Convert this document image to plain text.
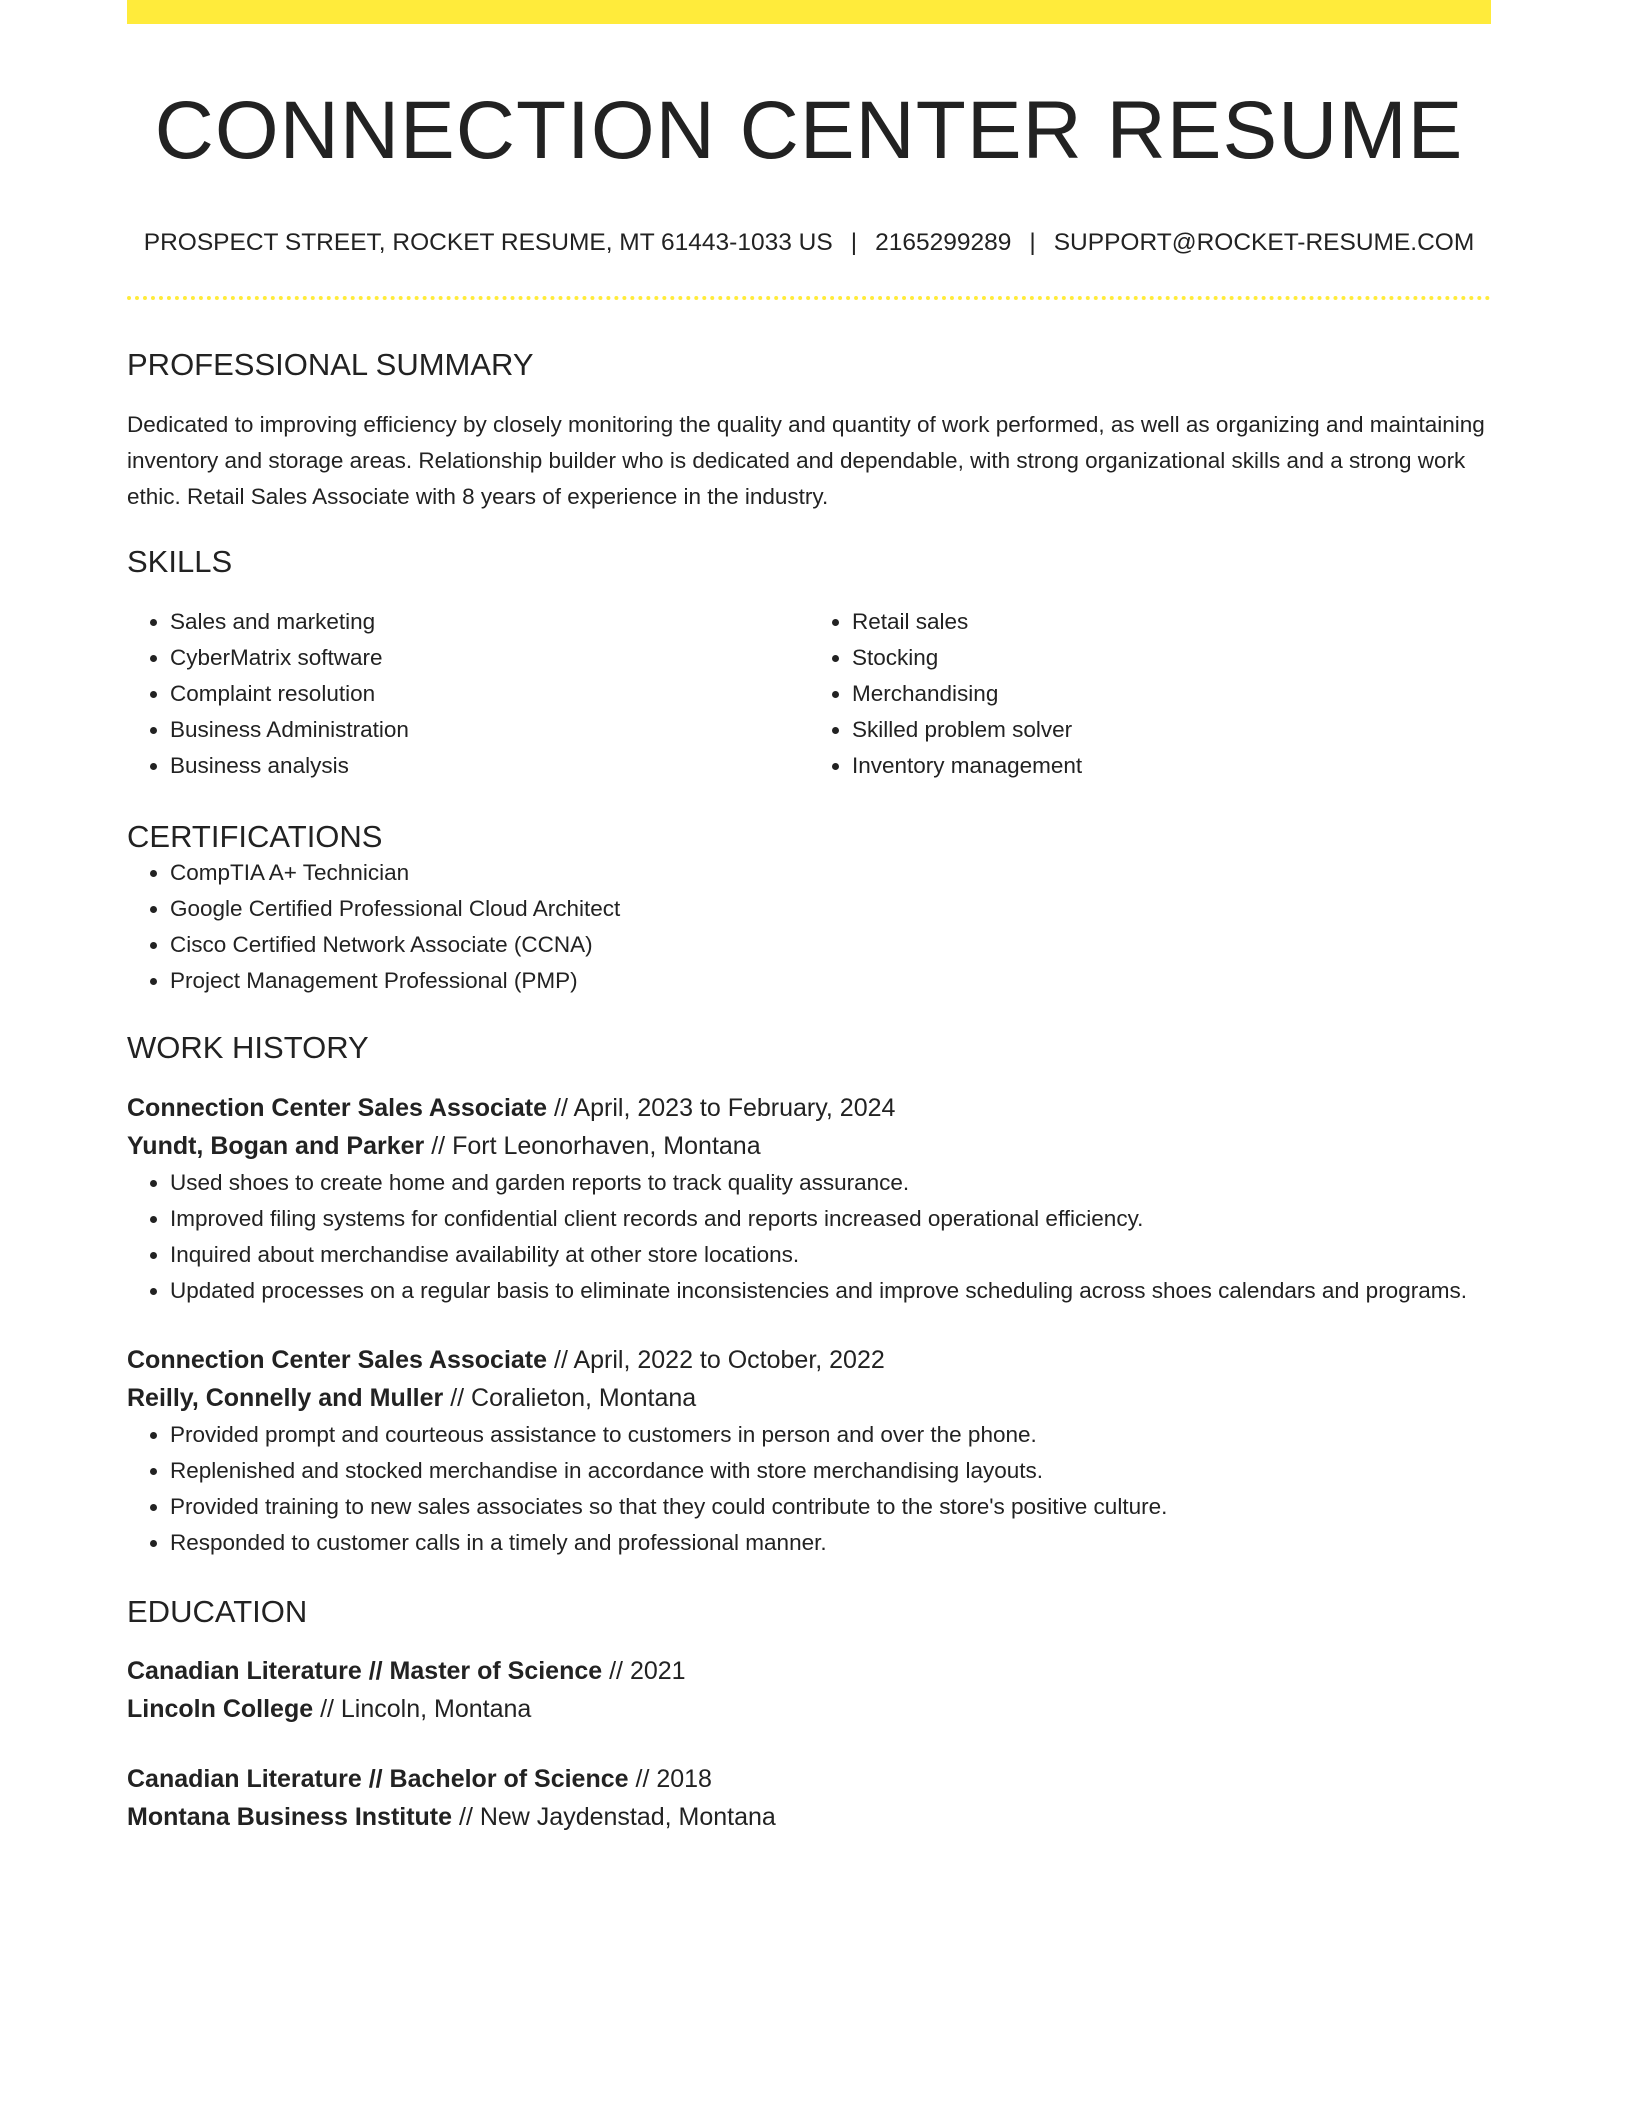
CONNECTION CENTER RESUME
PROSPECT STREET, ROCKET RESUME, MT 61443-1033 US | 2165299289 | SUPPORT@ROCKET-RESUME.COM
PROFESSIONAL SUMMARY

Dedicated to improving efficiency by closely monitoring the quality and quantity of work performed, as well as organizing and maintaining inventory and storage areas. Relationship builder who is dedicated and dependable, with strong organizational skills and a strong work ethic. Retail Sales Associate with 8 years of experience in the industry.

SKILLS
• Sales and marketing
• CyberMatrix software
• Complaint resolution
• Business Administration
• Business analysis
• Retail sales
• Stocking
• Merchandising
• Skilled problem solver
• Inventory management
CERTIFICATIONS
• CompTIA A+ Technician
• Google Certified Professional Cloud Architect
• Cisco Certified Network Associate (CCNA)
• Project Management Professional (PMP)
WORK HISTORY
Connection Center Sales Associate // April, 2023 to February, 2024
Yundt, Bogan and Parker // Fort Leonorhaven, Montana
• Used shoes to create home and garden reports to track quality assurance.
• Improved filing systems for confidential client records and reports increased operational efficiency.
• Inquired about merchandise availability at other store locations.
• Updated processes on a regular basis to eliminate inconsistencies and improve scheduling across shoes calendars and programs.
Connection Center Sales Associate // April, 2022 to October, 2022
Reilly, Connelly and Muller // Coralieton, Montana
• Provided prompt and courteous assistance to customers in person and over the phone.
• Replenished and stocked merchandise in accordance with store merchandising layouts.
• Provided training to new sales associates so that they could contribute to the store's positive culture.
• Responded to customer calls in a timely and professional manner.
EDUCATION
Canadian Literature // Master of Science // 2021
Lincoln College // Lincoln, Montana
Canadian Literature // Bachelor of Science // 2018
Montana Business Institute // New Jaydenstad, Montana
